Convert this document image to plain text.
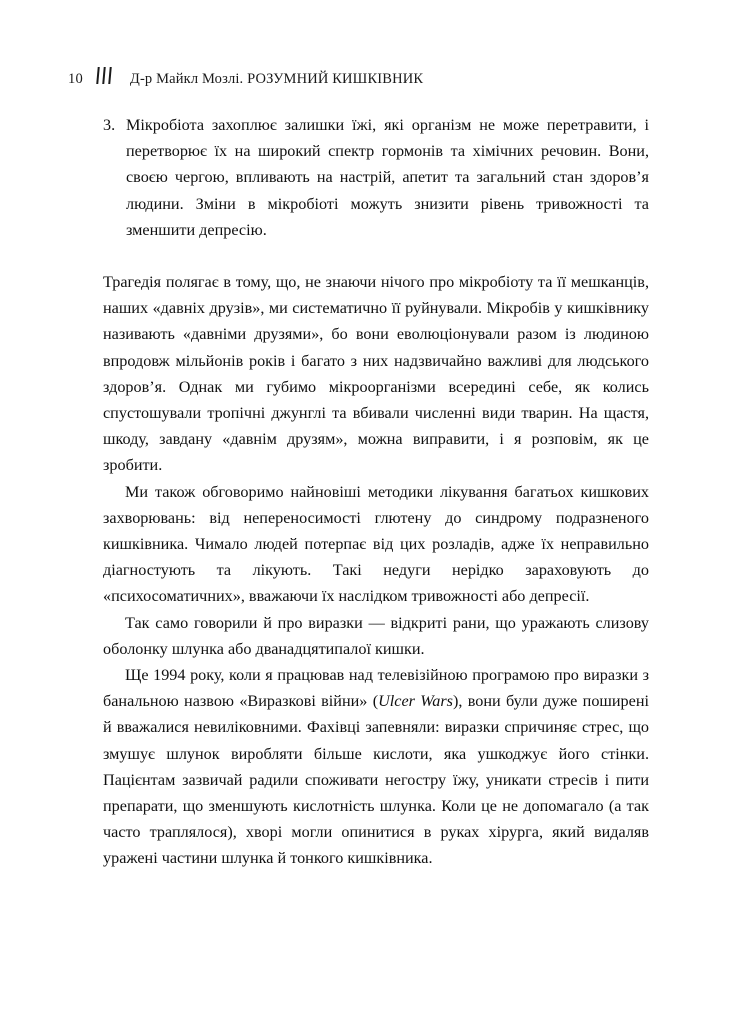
10	Д-р Майкл Мозлі. РОЗУМНИЙ КИШКІВНИК
3. Мікробіота захоплює залишки їжі, які організм не може перетравити, і перетворює їх на широкий спектр гормонів та хімічних речовин. Вони, своєю чергою, впливають на настрій, апетит та загальний стан здоров’я людини. Зміни в мікробіоті можуть знизити рівень тривожності та зменшити депресію.

Трагедія полягає в тому, що, не знаючи нічого про мікробіоту та її мешканців, наших «давніх друзів», ми систематично її руйнували. Мікробів у кишківнику називають «давніми друзями», бо вони еволюціонували разом із людиною впродовж мільйонів років і багато з них надзвичайно важливі для людського здоров’я. Однак ми губимо мікроорганізми всередині себе, як колись спустошували тропічні джунглі та вбивали численні види тварин. На щастя, шкоду, завдану «давнім друзям», можна виправити, і я розповім, як це зробити.

Ми також обговоримо найновіші методики лікування багатьох кишкових захворювань: від непереносимості глютену до синдрому подразненого кишківника. Чимало людей потерпає від цих розладів, адже їх неправильно діагностують та лікують. Такі недуги нерідко зараховують до «психосоматичних», вважаючи їх наслідком тривожності або депресії.

Так само говорили й про виразки — відкриті рани, що уражають слизову оболонку шлунка або дванадцятипалої кишки.

Ще 1994 року, коли я працював над телевізійною програмою про виразки з банальною назвою «Виразкові війни» (Ulcer Wars), вони були дуже поширені й вважалися невиліковними. Фахівці запевняли: виразки спричиняє стрес, що змушує шлунок виробляти більше кислоти, яка ушкоджує його стінки. Пацієнтам зазвичай радили споживати негостру їжу, уникати стресів і пити препарати, що зменшують кислотність шлунка. Коли це не допомагало (а так часто траплялося), хворі могли опинитися в руках хірурга, який видаляв уражені частини шлунка й тонкого кишківника.
